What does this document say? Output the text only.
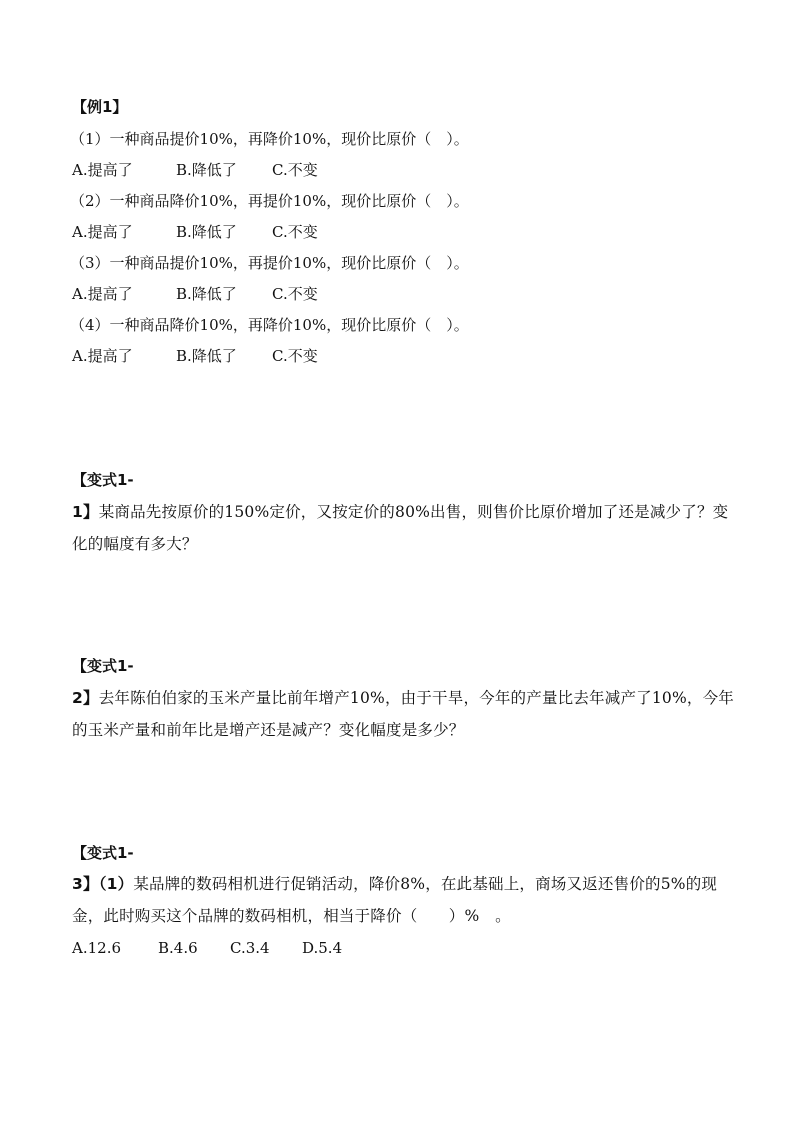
【例1】
（1）一种商品提价10%，再降价10%，现价比原价（　）。
A.提高了	B.降低了 C.不变
（2）一种商品降价10%，再提价10%，现价比原价（　）。
A.提高了	B.降低了 C.不变
（3）一种商品提价10%，再提价10%，现价比原价（　）。
A.提高了	B.降低了 C.不变
（4）一种商品降价10%，再降价10%，现价比原价（　）。
A.提高了	B.降低了 C.不变
【变式1-
1】某商品先按原价的150%定价，又按定价的80%出售，则售价比原价增加了还是减少了？变
化的幅度有多大？
【变式1-
2】去年陈伯伯家的玉米产量比前年增产10%，由于干旱，今年的产量比去年减产了10%，今年
的玉米产量和前年比是增产还是减产？变化幅度是多少？
【变式1-
3】（1）某品牌的数码相机进行促销活动，降价8%，在此基础上，商场又返还售价的5%的现
金，此时购买这个品牌的数码相机，相当于降价（　　）%　。
A.12.6 B.4.6 C.3.4 D.5.4
